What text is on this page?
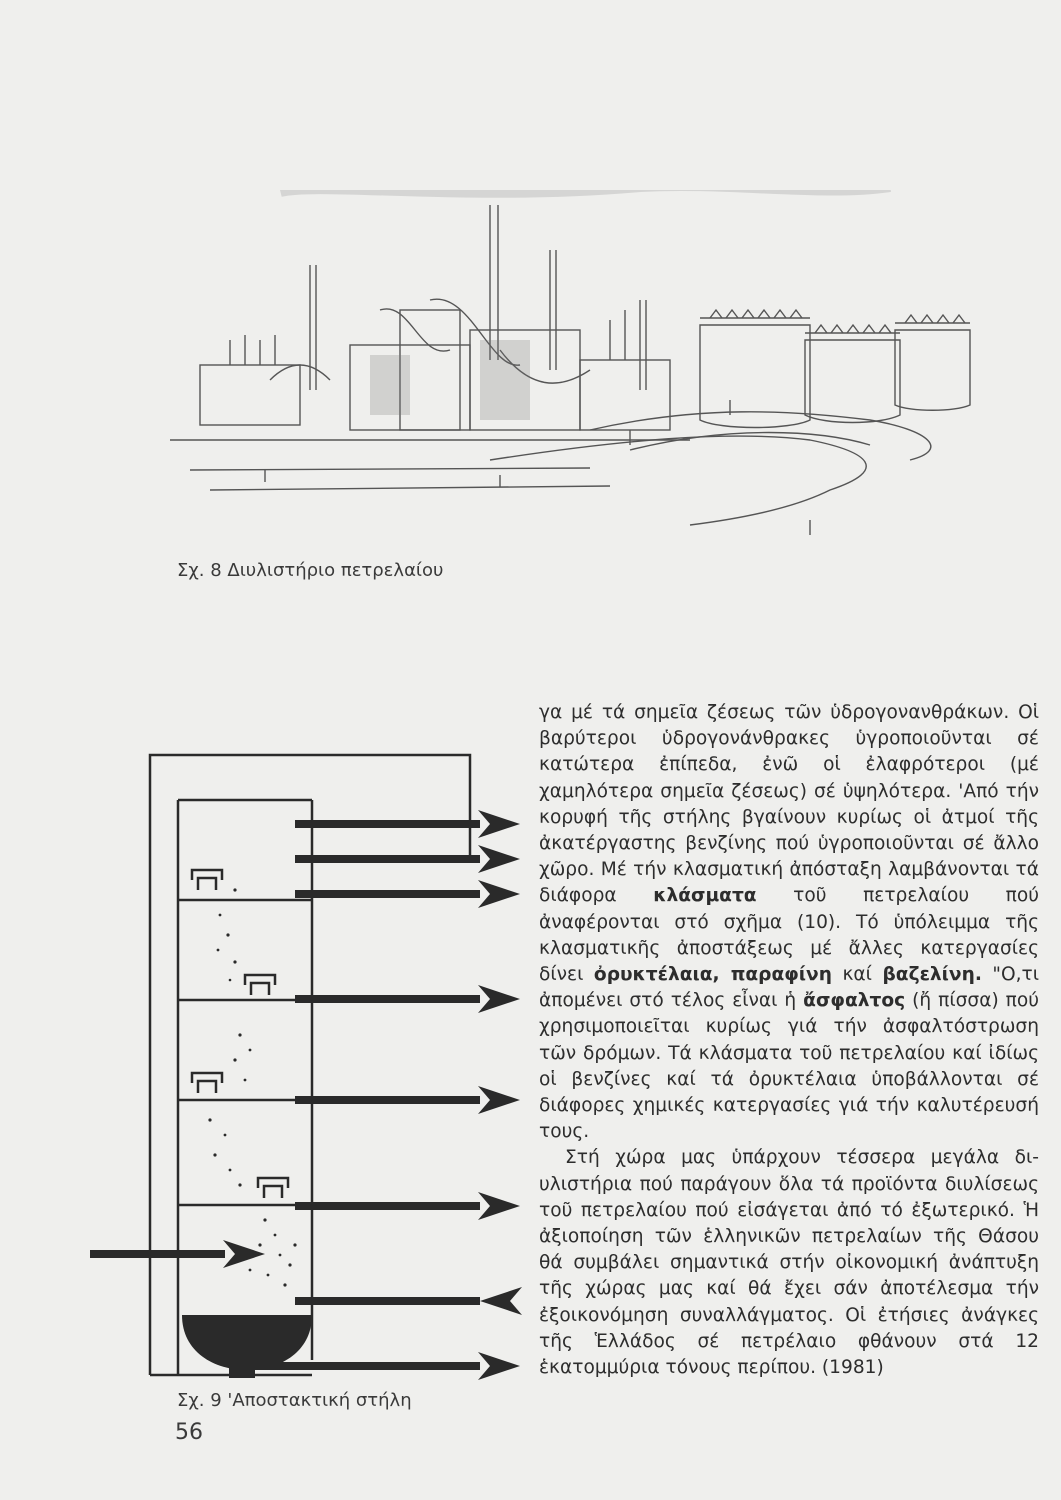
Σχ. 8 Διυλιστήριο πετρελαίου
Σχ. 9 'Αποστακτική στήλη
56

γα μέ τά σημεῖα ζέσεως τῶν ὑδρογονανθράκων. Οἱ βαρύτεροι ὑδρογονάνθρακες ὑγροποιοῦνται σέ κατώτερα ἐπίπεδα, ἐνῶ οἱ ἐλαφρότεροι (μέ χαμηλότερα σημεῖα ζέσεως) σέ ὑψηλότερα. 'Από τήν κορυφή τῆς στήλης βγαίνουν κυρίως οἱ ἀτμοί τῆς ἀκατέργαστης βενζίνης πού ὑγροποιοῦνται σέ ἄλλο χῶρο. Μέ τήν κλασματική ἀπόσταξη λαμβάνονται τά διάφορα κλάσματα τοῦ πετρελαίου πού ἀναφέρονται στό σχῆμα (10). Τό ὑπόλειμμα τῆς κλασματικῆς ἀποστάξεως μέ ἄλλες κατεργασίες δίνει ὀρυκτέλαια, παραφίνη καί βαζελίνη. "Ο,τι ἀπομένει στό τέλος εἶναι ἡ ἄσφαλτος (ἤ πίσσα) πού χρησιμοποιεῖται κυρίως γιά τήν ἀσφαλτόστρωση τῶν δρόμων. Τά κλάσματα τοῦ πετρελαίου καί ἰδίως οἱ βενζίνες καί τά ὀρυκτέλαια ὑποβάλλονται σέ διάφορες χημικές κατεργασίες γιά τήν καλυτέρευσή τους.

Στή χώρα μας ὑπάρχουν τέσσερα μεγάλα διυλιστήρια πού παράγουν ὅλα τά προϊόντα διυλίσεως τοῦ πετρελαίου πού εἰσάγεται ἀπό τό ἐξωτερικό. Ἡ ἀξιοποίηση τῶν ἑλληνικῶν πετρελαίων τῆς Θάσου θά συμβάλει σημαντικά στήν οἰκονομική ἀνάπτυξη τῆς χώρας μας καί θά ἔχει σάν ἀποτέλεσμα τήν ἐξοικονόμηση συναλλάγματος. Οἱ ἐτήσιες ἀνάγκες τῆς Ἑλλάδος σέ πετρέλαιο φθάνουν στά 12 ἑκατομμύρια τόνους περίπου. (1981)
